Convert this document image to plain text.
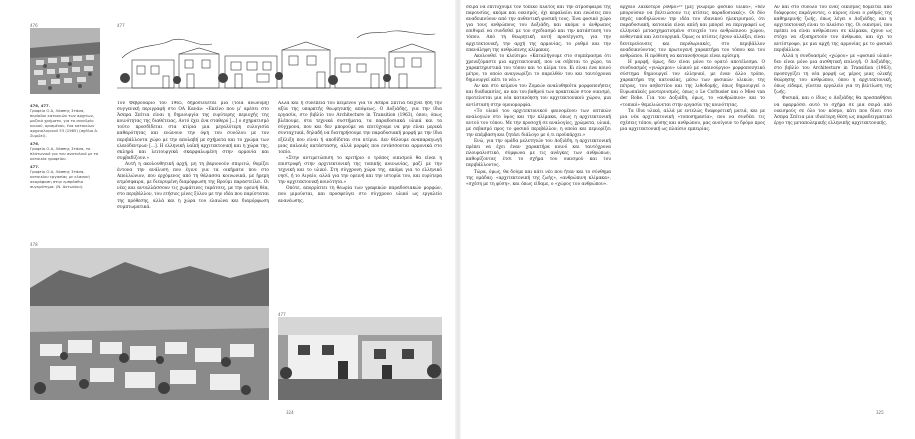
476
476, 477.
Γραφείο Ο.Α, Λάσπης Στάσα, περίοδοι κατοικιών των αρχείων, μαζικά χρήματα, για το συνεδρίο κοινού, ορισμένου, ένα κατοικίων αρχαιολογικού 53 (1965) (σχέδιο Α. Συμιδεί).
476.
Γραφείο Ο.Α, Λάσπης Στάσα, το πλάτωνικό για του ανατολικό με το κατοικία γραφείου.
477.
Γραφείο Ο.Α, Λάσπης Στάσα, κατοικίου εργασίας με κλασική ακορόφαση στην εμπρόσθιο συγκρότημα. (Ν. Αντωνίου).
477

Τον Φεβρουάριο του 1965, δημοσιεύεται μια (τοιά ανώνυμη) συγγενική περιγραφή στο ΟΑ Κανάν: «Εκείνο που μ' αρέσει στο Άσπρα Σπίτια είναι η δημιουργία της ευρύτερης περιοχής της κοινότητας της διαθέτειας. Αυτό έχει ένα σταθερό [...] ο σχηματισμό τούτο προσδίδεται στα κτίρια μια μεγαλύτερη ευλυγισία καθαρότητας και ενώνουν την όψη του συνόλου με τον περιβάλλοντα χώρο με την απολαβή με σχήματα και το χρώμα των ελαιόδεντρων [...]. Η ελληνική λαϊκή αρχιτεκτονική και η χώρα της, σκληρά και λειτουργικά σκαρφαλωμένη στην αρμονία και συμβαδίζουν.»

Αυτή η ακολουθητική αρχή, μη τη βαριονούν σπιριτώ, θυμίζει έντονα την ανάλυση που έγινε για τα οικήματα που στο Απολλώνιον, που ερχόμενος από τη θάλασσα κοινωνικά, με ήρεμη ατμόσφαιρα, με διευρυμένη διαμόρφωση της Βρούμι παραστείλει. Οι νέες και ανταλλάσσουν τις χωμάτινες ταράτσες, με την ορεινή θέα, στο περιβάλλον, του ετήσιες μίνες ξύλου με την ιδέα που παρίσταται της πρόθεσης, αλλά και η χώρα του ελαιώνα και διαμόρφωση συμπτωματικά.

Αλλά και η συνέπεια του κειμένου για το Άσπρα Σπίτια δείχνει ήδη την αξία της υπαρκτής θεωρητικής απόψεως. Ο Δοξιάδης, για την ίδια εργασία, στο βιβλίο του Architecture in Transition (1963), όπου, όπως βλέπουμε, στα τεχνικά συστήματα, τα παραδοσιακά υλικά και τα σύγχρονα, που και δεν μπορούμε να επιτύχουμε να μην είναι μερικά συνταχτικά, δηλαδή να διατηρήσουμε την παραδοσιακή μορφή με την ίδια εξέλιξη που είναι ή αποδίδεται στα κτίρια. Δεν θέλουμε αναπαραγωγή μιας παλαιάς κατάστασης, αλλά μορφές που εντάσσονται αρμονικά στο τοπίο.

«Στην αντιμετώπιση το κριτήριο ο τρόπος οικισμού θα είναι η επιστροφή στην αρχιτεκτονική της τοπικής κοινωνίας, μαζί με την τεχνική και το υλικό. Στη σύγχρονη χώρα της, ακόμα για το ελληνικό νησί, ή το Αιγαίο, αλλά για την ορεινή και την ιστορία του, και ευρύτερα την αρχιτεκτονική κοινότητα.»

Οπότε, απορρίπτει τη θεωρία των γραφικών παραδοσιακών μορφών, που μιμούνται, και προσφεύγει στο σύγχρονο υλικό ως εργαλείο ανανέωσης.

478
477
324

σειρά να επιτύχουμε τον τοπικό πλάτος και την ατμόσφαιρα της παρουσίας, ακόμα και οικισμός, όχι κεφαλαίοι και ενώσεις που αναδεικνύουν από την αυθεντική φυσική τους. Ένα φυσικό χώρο για τους ανθρώπους του Δοξιάδη, και ακόμα ο άνθρωπος επιθυμεί να συνδεθεί με τον σχεδιασμό και την κατάσταση του τόπου. Από τη θεωρητική αυτή προσέγγιση, για την αρχιτεκτονική, την αρχή της αρμονίας, το ρυθμό και την επανάληψη της ανθρώπινης κλίμακας.

Ακολουθεί το κλείσιμο: «Καταλήγουμε στο συμπέρασμα ότι χρειαζόμαστε μια αρχιτεκτονική, που να σέβεται το χώρο, τα χαρακτηριστικά του τόπου και το κλίμα του. Κι είναι ένα κοινό μέτρο, το οποίο αναγνωρίζει το παρελθόν του και ταυτόχρονα δημιουργεί κάτι το νέο.»

Αν και στο κείμενο του Ζυμεών αναλυθηκότα μορφοποιήσεις και διαδικασίες, αν και του βαθμού των πρακτικών στον οικισμό, προτείνεται μια νέα κατανόηση του αρχιτεκτονικού χώρου, μια αντίσταση στην ομοιομορφία.

«Το υλικό του αρχιτεκτονικού φαινομένου των οπτικών αναλογιών στο ύψος και την κλίμακα, όπως η αρχιτεκτονική αυτού του τόπου. Με την προσοχή σε αναλογίες, χρώματα, υλικά, με σεβασμό προς το φυσικό περιβάλλον, η οποία και περιορίζει την επέμβαση και ζητάει διάλογο με ό,τι προϋπάρχει.»

Ενώ, για την ομάδα μελετητών του Δοξιάδη, η αρχιτεκτονική πρέπει να έχει έναν χαρακτήρα κοινό και ταυτόχρονα πλουραλιστικό, σύμφωνα με τις ανάγκες των ανθρώπων, καθορίζοντας έτσι το σχήμα του οικισμού και του περιβάλλοντος.

Τώρα, όμως, θα δούμε και κάτι νέο που ήταν και το σύνθημα της ομάδας: «αρχιτεκτονική της ζωής», «ανθρώπινη κλίμακα», «σχέση με τη φύση», και όπως είδαμε, ο «χώρος του ανθρώπου».

αρχαίο λαϊκότερο ρυθμό»¹⁸ [με] γνώριμο φυσικό υλικό», «δεν μπορούσαν να βελτιώσουν τις κτίσεις παραδοσιακές». Οι δύο πηγές υποδηλώνουν την ιδέα του ιδανικού ηλεκτρισμού, ότι παραδοσιακή, κατοικία είναι απλή και μπορεί να περιγραφεί ως ελληνικό μετασχηματισμένο στοιχείο του ανθρώπινου χώρου, αυθεντικά και λειτουργικά. Όμως οι κτίσεις έχουν αλλάξει, είναι δευτερεύουσες και περιθωριακές, στο περιβάλλον αναδεικνύοντας τον πρωτογενή χαρακτήρα του τόπου και του ανθρώπου. Η πρόθεση να κατανοήσουμε είναι κρίσιμη.

Η μορφή, όμως, δεν είναι μόνο το ορατό αποτέλεσμα. Ο συνδυασμός «γνώριμου» υλικού με «καινούργιο» μορφοποιητικό σύστημα δημιουργεί τον ελληνικό, με έναν άλλο τρόπο, χαρακτήρα της κατοικίας, μέσω των φυσικών υλικών, της πέτρας, του ασβεστίου και της λιθοδομής, όπως δημιουργεί ο Ευρωπαϊκός μοντερνισμός, όπως ο Le Corbusier και ο Mies van der Rohe. Για τον Δοξιάδη, όμως, το «ανθρώπινο» και το «τοπικό» θεμελιώνεται στην εργασία της κοινότητας.

Τα ίδια υλικά, αλλά με εντελώς διαφορετική ματιά, και με μια νέα αρχιτεκτονική «τοποσημασία», που να συνδέει τις σχέσεις τόπου, φύσης και ανθρώπου, μας ανοίγουν το δρόμο προς μια αρχιτεκτονική ως πλαίσιο εμπειρίας.

Αν και στο σύνολό του ένας οικισμός δομείται από διάφορους παράγοντες, ο κύριος είναι ο ρυθμός της καθημερινής ζωής, όπως λέγει ο Δοξιάδης, και η αρχιτεκτονική είναι το πλαίσιο της. Οι οικισμοί, που πρέπει να είναι ανθρώπινοι σε κλίμακα, έχουν ως στόχο να εξυπηρετούν τον άνθρωπο, και όχι το αντίστροφο, με μια αρχή της αρμονίας με το φυσικό περιβάλλον.

Αλλά η συνδυασμός «χώρου» με «φυσικό υλικό» δεν είναι μόνο μια αισθητική επιλογή. Ο Δοξιάδης, στο βιβλίο του Architecture in Transition (1963), προσεγγίζει τη νέα μορφή ως μέρος μιας ολικής θεώρησης του ανθρώπου, όπου η αρχιτεκτονική, όπως είδαμε, γίνεται εργαλείο για τη βελτίωση της ζωής.

Φυσικά, και ο ίδιος ο Δοξιάδης θα προσπαθήσει να εφαρμόσει αυτό το σχήμα σε μια σειρά από οικισμούς σε όλο τον κόσμο, κάτι που δίνει στο Άσπρα Σπίτια μια ιδιαίτερη θέση ως παραδειγματικό έργο της μεταπολεμικής ελληνικής αρχιτεκτονικής.

325
